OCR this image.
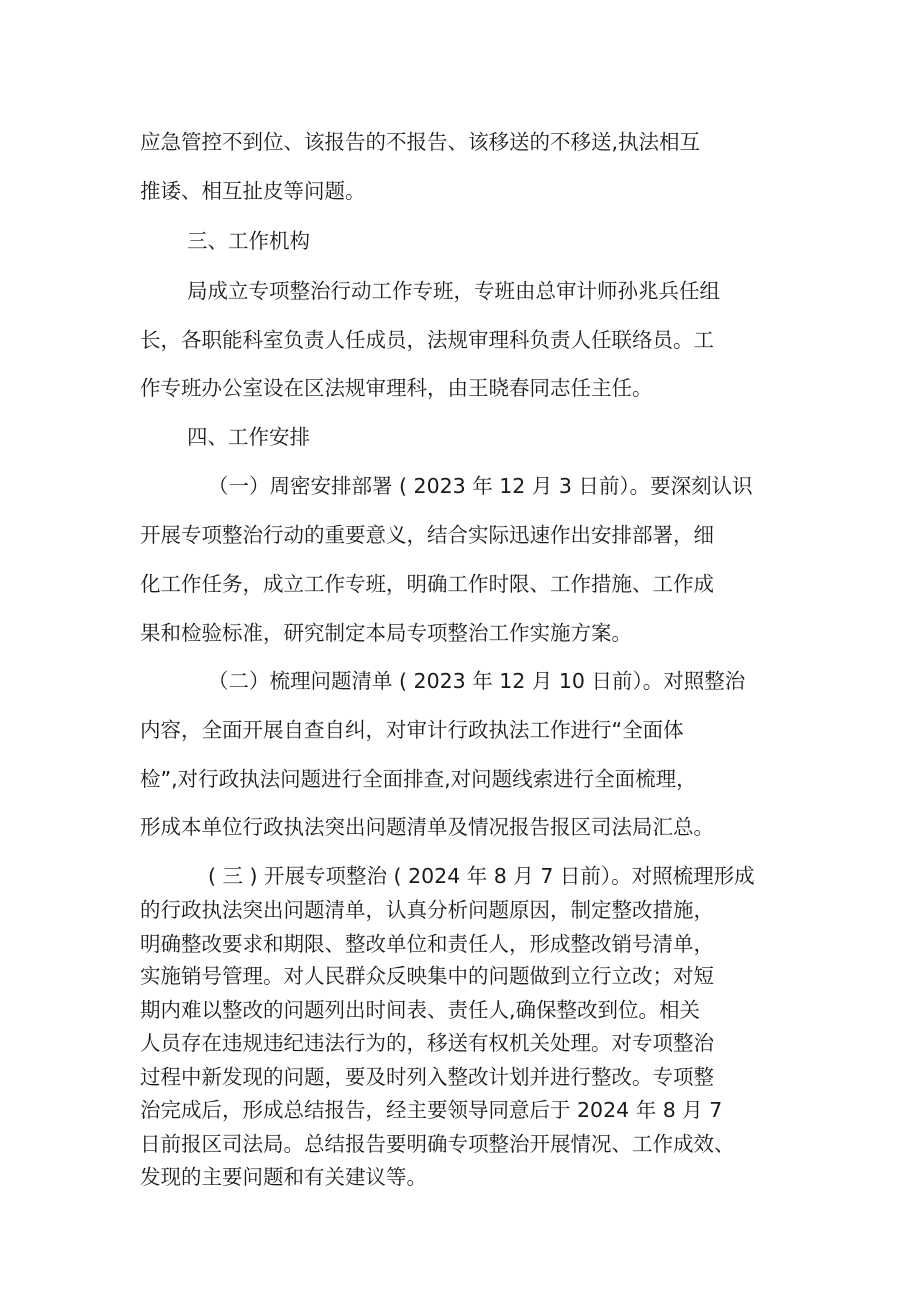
应急管控不到位、该报告的不报告、该移送的不移送,执法相互
推诿、相互扯皮等问题。
三、工作机构
局成立专项整治行动工作专班，专班由总审计师孙兆兵任组
长，各职能科室负责人任成员，法规审理科负责人任联络员。工
作专班办公室设在区法规审理科，由王晓春同志任主任。
四、工作安排
（一）周密安排部署 ( 2023 年 12 月 3 日前）。要深刻认识
开展专项整治行动的重要意义，结合实际迅速作出安排部署，细
化工作任务，成立工作专班，明确工作时限、工作措施、工作成
果和检验标准，研究制定本局专项整治工作实施方案。
（二）梳理问题清单 ( 2023 年 12 月 10 日前）。对照整治
内容，全面开展自查自纠，对审计行政执法工作进行“全面体
检”,对行政执法问题进行全面排查,对问题线索进行全面梳理，
形成本单位行政执法突出问题清单及情况报告报区司法局汇总。
( 三 ) 开展专项整治 ( 2024 年 8 月 7 日前）。对照梳理形成
的行政执法突出问题清单，认真分析问题原因，制定整改措施，
明确整改要求和期限、整改单位和责任人，形成整改销号清单，
实施销号管理。对人民群众反映集中的问题做到立行立改；对短
期内难以整改的问题列出时间表、责任人,确保整改到位。相关
人员存在违规违纪违法行为的，移送有权机关处理。对专项整治
过程中新发现的问题，要及时列入整改计划并进行整改。专项整
治完成后，形成总结报告，经主要领导同意后于 2024 年 8 月 7
日前报区司法局。总结报告要明确专项整治开展情况、工作成效、
发现的主要问题和有关建议等。
